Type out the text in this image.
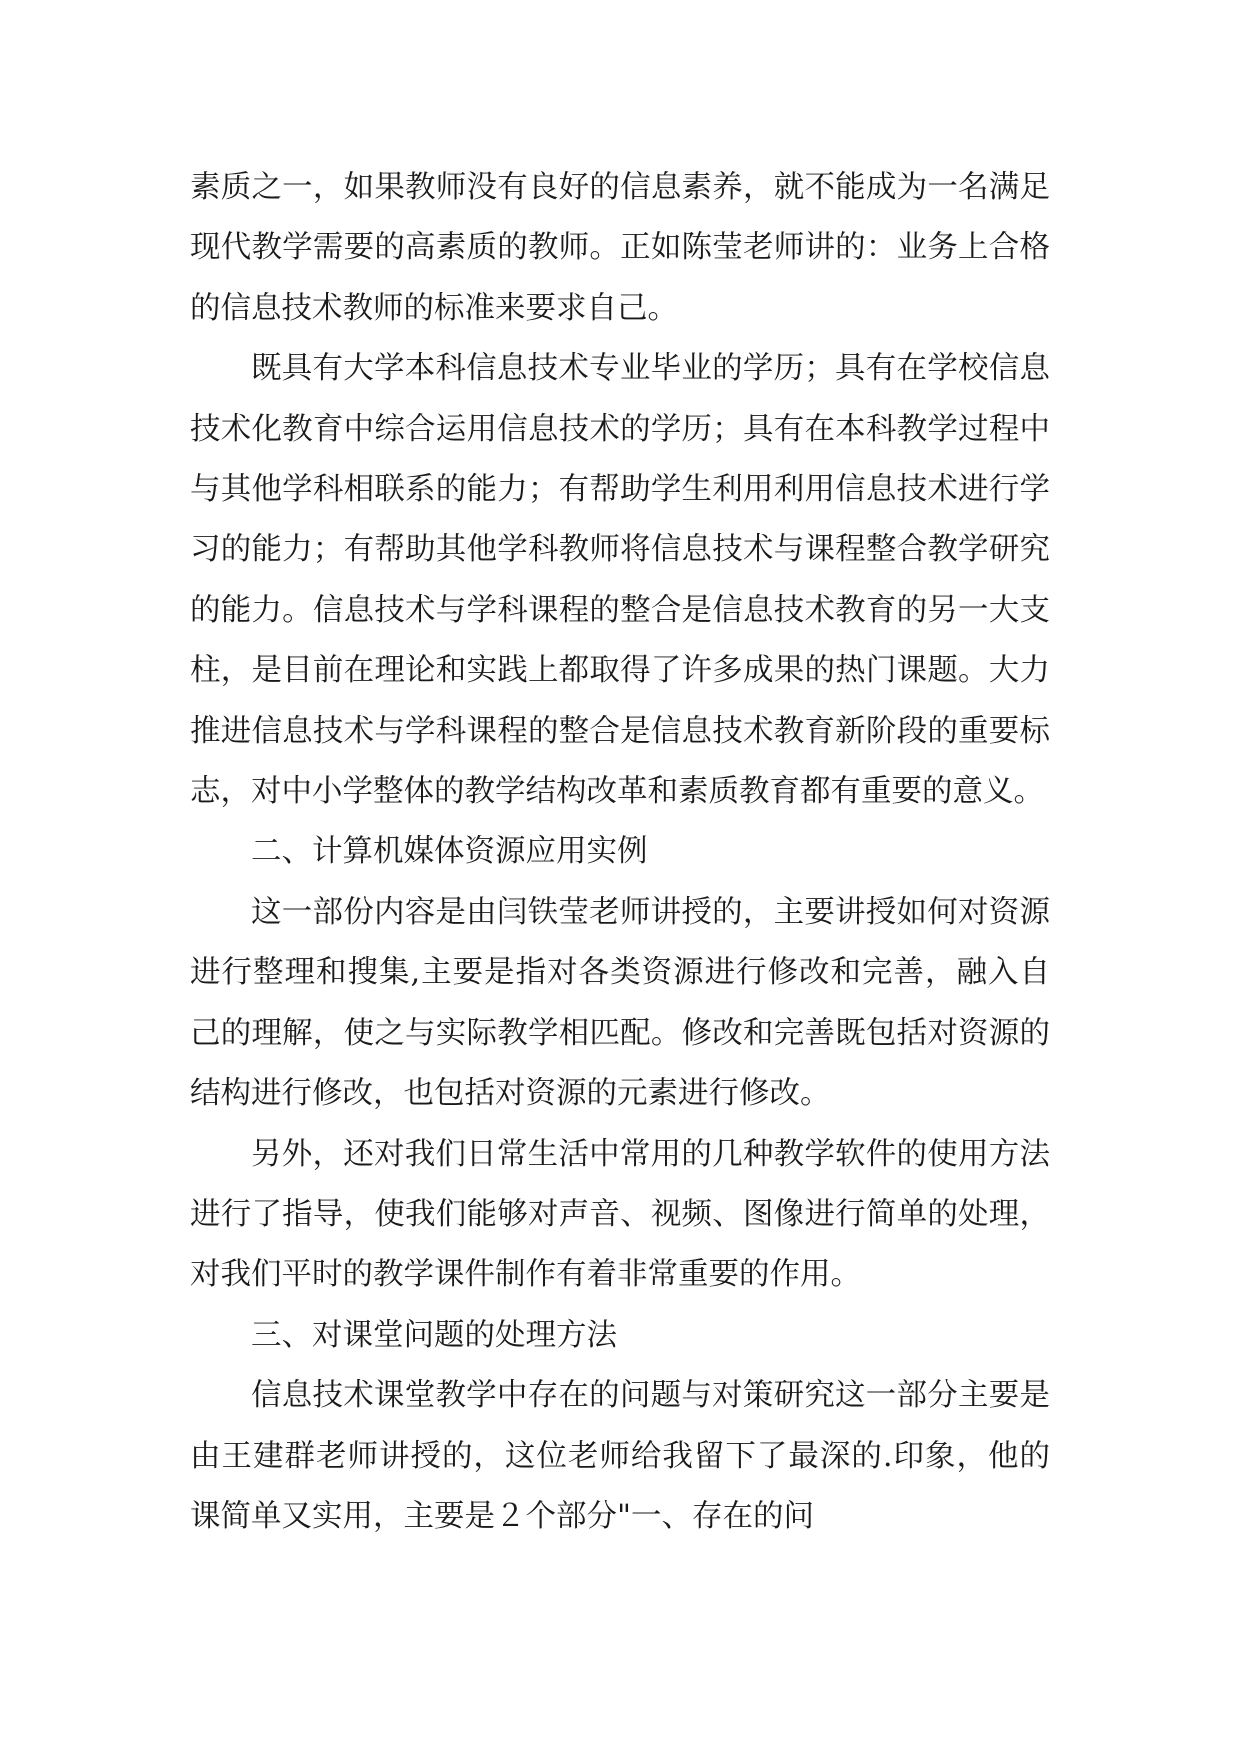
素质之一，如果教师没有良好的信息素养，就不能成为一名满足现代教学需要的高素质的教师。正如陈莹老师讲的：业务上合格的信息技术教师的标准来要求自己。

既具有大学本科信息技术专业毕业的学历；具有在学校信息技术化教育中综合运用信息技术的学历；具有在本科教学过程中与其他学科相联系的能力；有帮助学生利用利用信息技术进行学习的能力；有帮助其他学科教师将信息技术与课程整合教学研究的能力。信息技术与学科课程的整合是信息技术教育的另一大支柱，是目前在理论和实践上都取得了许多成果的热门课题。大力推进信息技术与学科课程的整合是信息技术教育新阶段的重要标志，对中小学整体的教学结构改革和素质教育都有重要的意义。

二、计算机媒体资源应用实例

这一部份内容是由闫铁莹老师讲授的，主要讲授如何对资源进行整理和搜集,主要是指对各类资源进行修改和完善，融入自己的理解，使之与实际教学相匹配。修改和完善既包括对资源的结构进行修改，也包括对资源的元素进行修改。

另外，还对我们日常生活中常用的几种教学软件的使用方法进行了指导，使我们能够对声音、视频、图像进行简单的处理，对我们平时的教学课件制作有着非常重要的作用。

三、对课堂问题的处理方法

信息技术课堂教学中存在的问题与对策研究这一部分主要是由王建群老师讲授的，这位老师给我留下了最深的.印象，他的课简单又实用，主要是２个部分"一、存在的问
